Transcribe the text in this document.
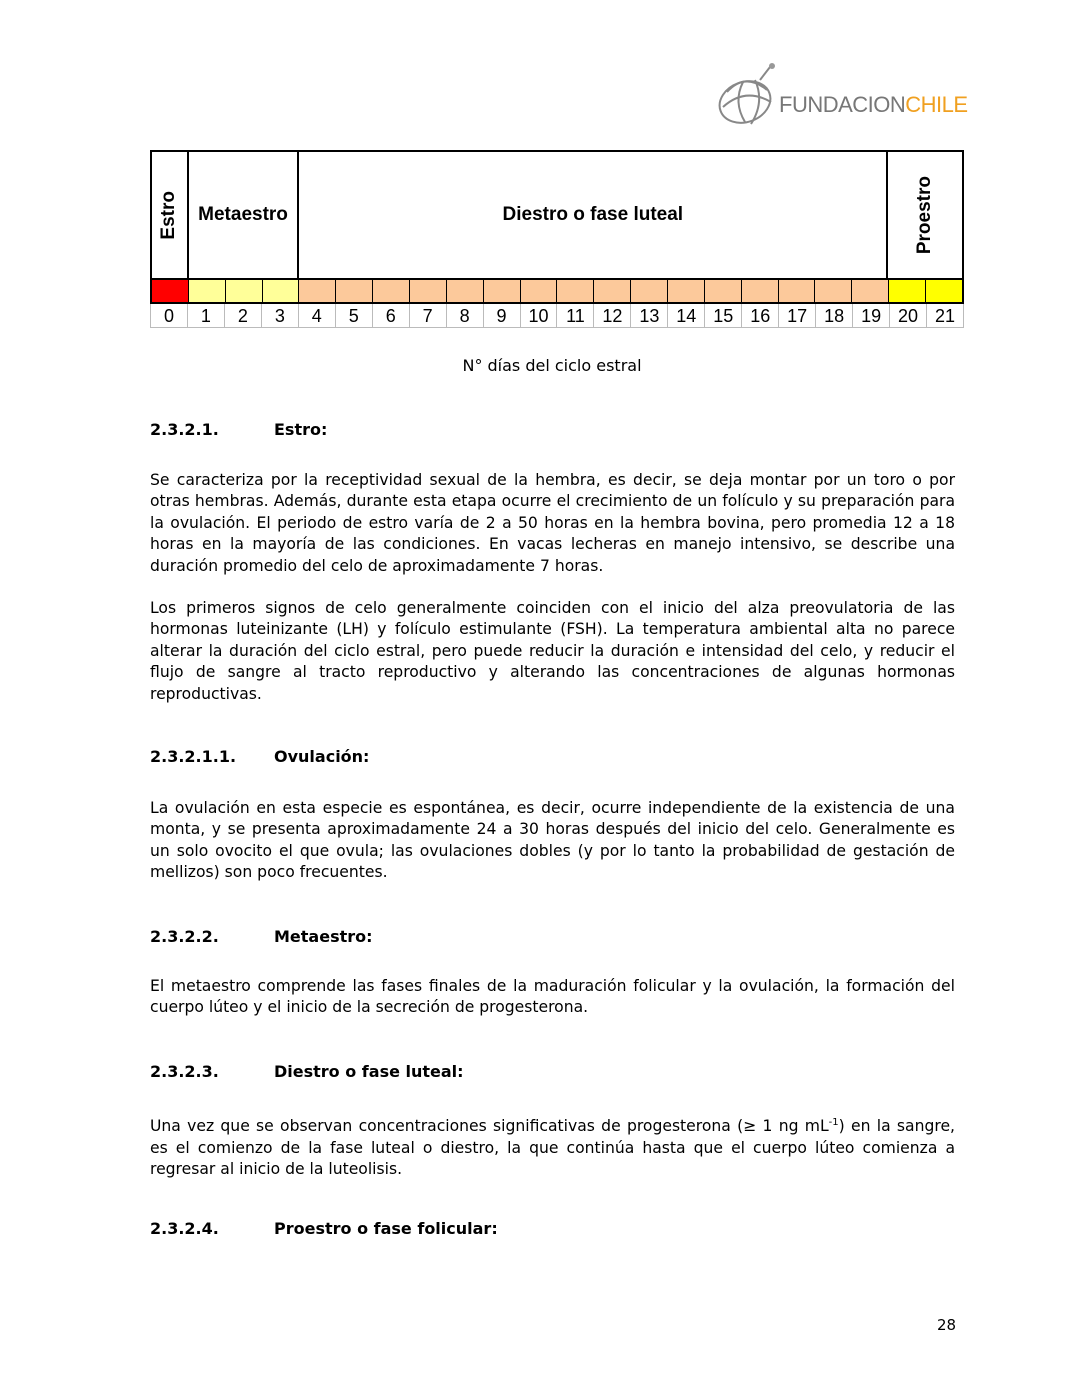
FUNDACIONCHILE
Estro Metaestro	Diestro o fase luteal	Proestro
0	1	2	3	4	5	6	7	8	9	10 11 12 13 14 15 16 17 18 19 20 21
N° días del ciclo estral
2.3.2.1.	Estro:
Se caracteriza por la receptividad sexual de la hembra, es decir, se deja montar por un toro o por otras hembras. Además, durante esta etapa ocurre el crecimiento de un folículo y su preparación para la ovulación. El periodo de estro varía de 2 a 50 horas en la hembra bovina, pero promedia 12 a 18 horas en la mayoría de las condiciones. En vacas lecheras en manejo intensivo, se describe una duración promedio del celo de aproximadamente 7 horas.
Los primeros signos de celo generalmente coinciden con el inicio del alza preovulatoria de las hormonas luteinizante (LH) y folículo estimulante (FSH). La temperatura ambiental alta no parece alterar la duración del ciclo estral, pero puede reducir la duración e intensidad del celo, y reducir el flujo de sangre al tracto reproductivo y alterando las concentraciones de algunas hormonas reproductivas.
2.3.2.1.1. Ovulación:
La ovulación en esta especie es espontánea, es decir, ocurre independiente de la existencia de una monta, y se presenta aproximadamente 24 a 30 horas después del inicio del celo. Generalmente es un solo ovocito el que ovula; las ovulaciones dobles (y por lo tanto la probabilidad de gestación de mellizos) son poco frecuentes.
2.3.2.2.	Metaestro:
El metaestro comprende las fases finales de la maduración folicular y la ovulación, la formación del cuerpo lúteo y el inicio de la secreción de progesterona.
2.3.2.3.	Diestro o fase luteal:
Una vez que se observan concentraciones significativas de progesterona (≥ 1 ng $mL^{-1}$) en la sangre, es el comienzo de la fase luteal o diestro, la que continúa hasta que el cuerpo lúteo comienza a regresar al inicio de la luteolisis.
2.3.2.4.	Proestro o fase folicular:
28
